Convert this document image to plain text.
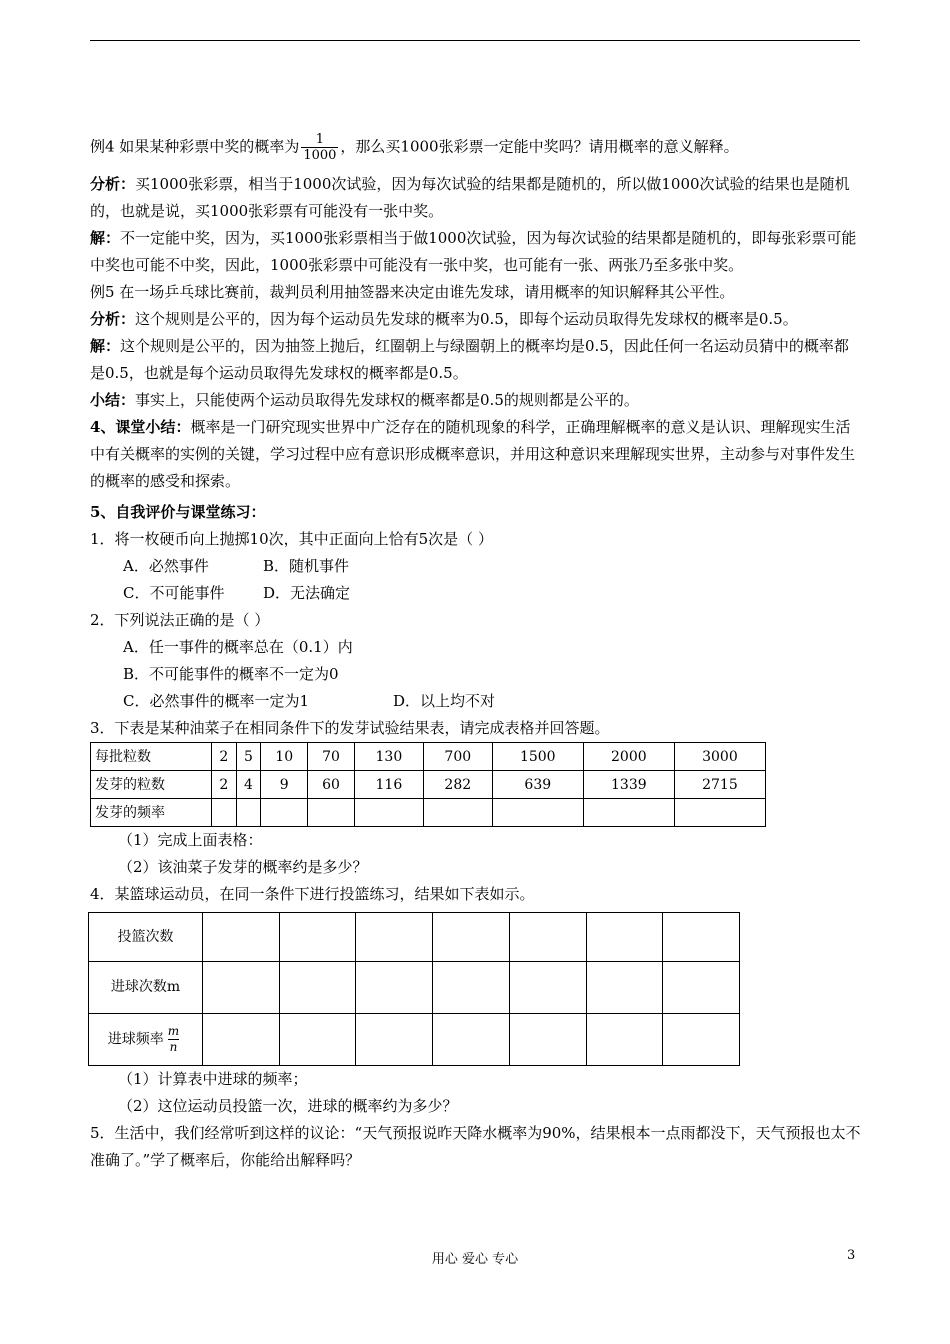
例4 如果某种彩票中奖的概率为 $\frac{1}{1000}$ ，那么买1000张彩票一定能中奖吗？请用概率的意义解释。

分析：买1000张彩票，相当于1000次试验，因为每次试验的结果都是随机的，所以做1000次试验的结果也是随机的，也就是说，买1000张彩票有可能没有一张中奖。

解：不一定能中奖，因为，买1000张彩票相当于做1000次试验，因为每次试验的结果都是随机的，即每张彩票可能中奖也可能不中奖，因此，1000张彩票中可能没有一张中奖，也可能有一张、两张乃至多张中奖。

例5 在一场乒乓球比赛前，裁判员利用抽签器来决定由谁先发球，请用概率的知识解释其公平性。

分析：这个规则是公平的，因为每个运动员先发球的概率为0.5，即每个运动员取得先发球权的概率是0.5。

解：这个规则是公平的，因为抽签上抛后，红圈朝上与绿圈朝上的概率均是0.5，因此任何一名运动员猜中的概率都是0.5，也就是每个运动员取得先发球权的概率都是0.5。

小结：事实上，只能使两个运动员取得先发球权的概率都是0.5的规则都是公平的。

4、课堂小结：概率是一门研究现实世界中广泛存在的随机现象的科学，正确理解概率的意义是认识、理解现实生活中有关概率的实例的关键，学习过程中应有意识形成概率意识，并用这种意识来理解现实世界，主动参与对事件发生的概率的感受和探索。

5、自我评价与课堂练习：

1．将一枚硬币向上抛掷10次，其中正面向上恰有5次是（ ）

A．必然事件	B．随机事件
C．不可能事件	D．无法确定

2．下列说法正确的是（ ）

A．任一事件的概率总在（0.1）内

B．不可能事件的概率不一定为0

C．必然事件的概率一定为1	D．以上均不对

3．下表是某种油菜子在相同条件下的发芽试验结果表，请完成表格并回答题。

每批粒数	2	5	10	70	130	700	1500	2000	3000
发芽的粒数	2	4	9	60	116	282	639	1339	2715
发芽的频率									

（1）完成上面表格：

（2）该油菜子发芽的概率约是多少？

4．某篮球运动员，在同一条件下进行投篮练习，结果如下表如示。

投篮次数							
进球次数m							
进球频率 $\frac{m}{n}$

（1）计算表中进球的频率；

（2）这位运动员投篮一次，进球的概率约为多少？

5．生活中，我们经常听到这样的议论：“天气预报说昨天降水概率为90%，结果根本一点雨都没下，天气预报也太不准确了。”学了概率后，你能给出解释吗？

用心 爱心 专心	3
